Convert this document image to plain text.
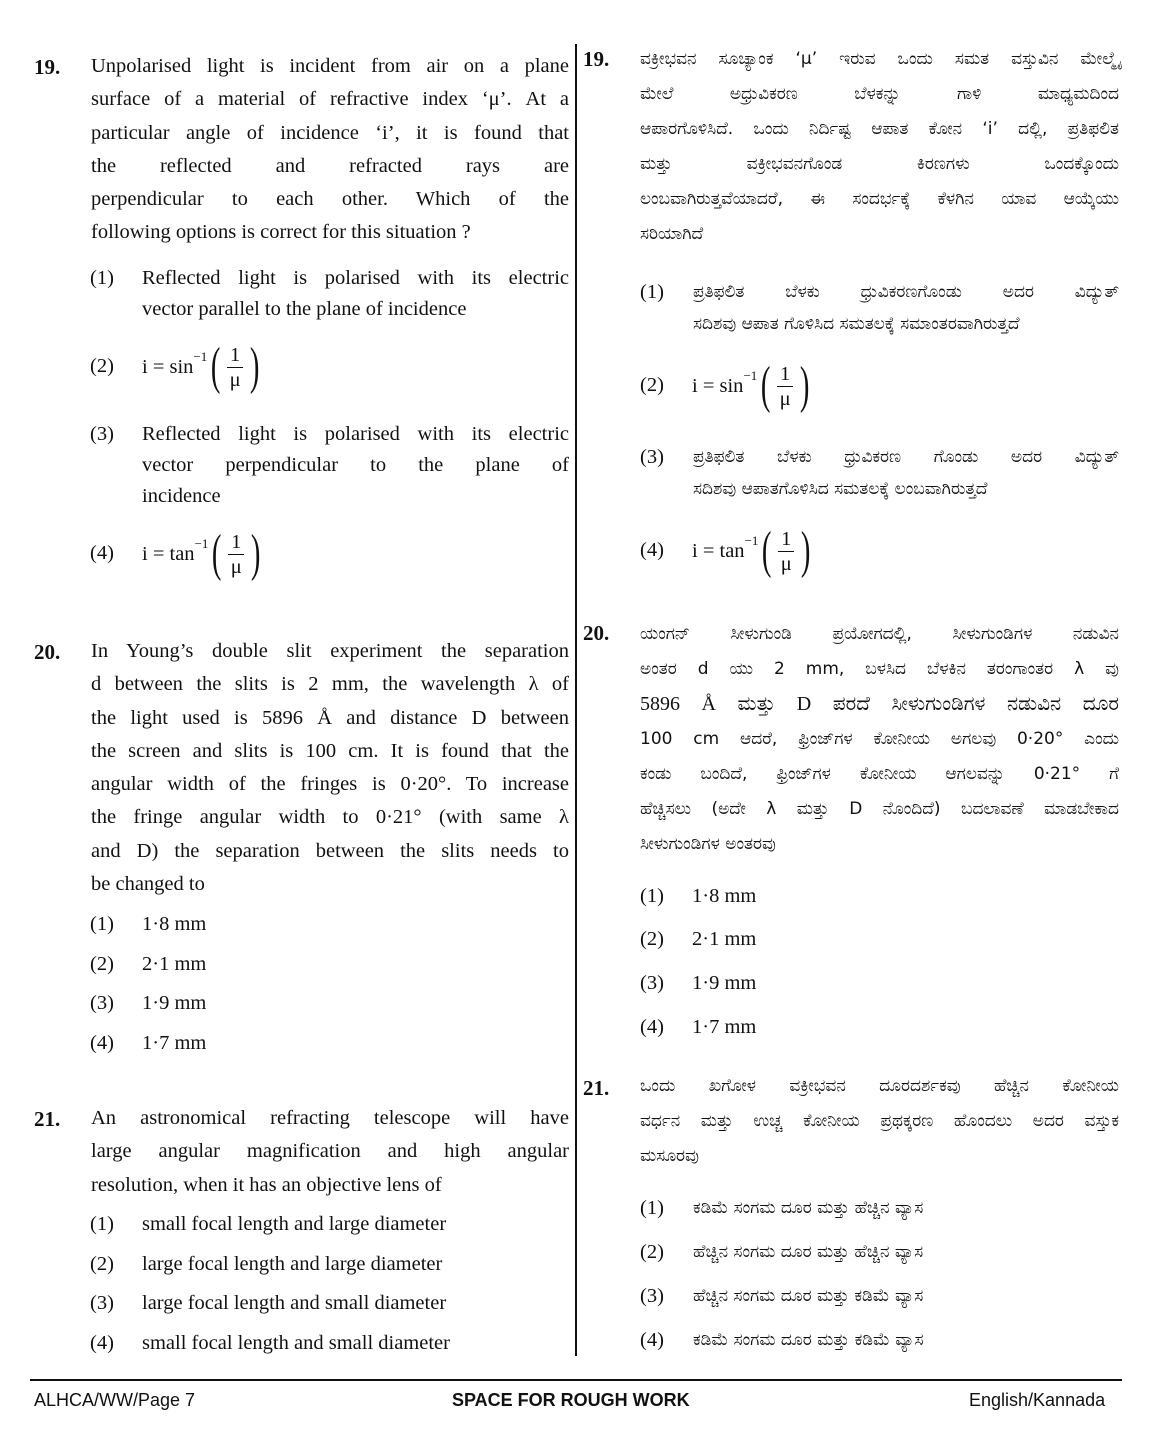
19. Unpolarised light is incident from air on a plane
surface of a material of refractive index ‘μ’. At a
particular angle of incidence ‘i’, it is found that
the reflected and refracted rays are
perpendicular to each other. Which of the
following options is correct for this situation ?
(1) Reflected light is polarised with its electric
vector parallel to the plane of incidence
(2) $i = \sin^{-1}$ ( $\frac{1}{\mu}$ )
(3) Reflected light is polarised with its electric
vector perpendicular to the plane of
incidence
(4) $i = \tan^{-1}$ ( $\frac{1}{\mu}$ )
20. In Young’s double slit experiment the separation
d between the slits is 2 mm, the wavelength λ of
the light used is 5896 Å and distance D between
the screen and slits is 100 cm. It is found that the
angular width of the fringes is 0·20°. To increase
the fringe angular width to 0·21° (with same λ
and D) the separation between the slits needs to
be changed to
(1) 1·8 mm
(2) 2·1 mm
(3) 1·9 mm
(4) 1·7 mm
21. An astronomical refracting telescope will have
large angular magnification and high angular
resolution, when it has an objective lens of
(1) small focal length and large diameter
(2) large focal length and large diameter
(3) large focal length and small diameter
(4) small focal length and small diameter
19. ವಕ್ರೀಭವನ ಸೂಚ್ಯಾಂಕ ‘μ’ ಇರುವ ಒಂದು ಸಮತ ವಸ್ತುವಿನ ಮೇಲ್ಮೈ
ಮೇಲೆ ಅಧ್ರುವಿಕರಣ ಬೆಳಕನ್ನು ಗಾಳಿ ಮಾಧ್ಯಮದಿಂದ
ಆಪಾರಗೊಳಿಸಿದೆ. ಒಂದು ನಿರ್ದಿಷ್ಟ ಆಪಾತ ಕೋನ ‘i’ ದಲ್ಲಿ, ಪ್ರತಿಫಲಿತ
ಮತ್ತು ವಕ್ರೀಭವನಗೊಂಡ ಕಿರಣಗಳು ಒಂದಕ್ಕೊಂದು
ಲಂಬವಾಗಿರುತ್ತವೆಯಾದರೆ, ಈ ಸಂದರ್ಭಕ್ಕೆ ಕೆಳಗಿನ ಯಾವ ಆಯ್ಕೆಯು
ಸರಿಯಾಗಿದೆ
(1) ಪ್ರತಿಫಲಿತ ಬೆಳಕು ಧ್ರುವಿಕರಣಗೊಂಡು ಅದರ ವಿದ್ಯುತ್
ಸದಿಶವು ಆಪಾತ ಗೊಳಿಸಿದ ಸಮತಲಕ್ಕೆ ಸಮಾಂತರವಾಗಿರುತ್ತದೆ
(2) $i = \sin^{-1}$ ( $\frac{1}{\mu}$ )
(3) ಪ್ರತಿಫಲಿತ ಬೆಳಕು ಧ್ರುವಿಕರಣ ಗೊಂಡು ಅದರ ವಿದ್ಯುತ್
ಸದಿಶವು ಆಪಾತಗೊಳಿಸಿದ ಸಮತಲಕ್ಕೆ ಲಂಬವಾಗಿರುತ್ತದೆ
(4) $i = \tan^{-1}$ ( $\frac{1}{\mu}$ )
20. ಯಂಗನ್ ಸೀಳುಗುಂಡಿ ಪ್ರಯೋಗದಲ್ಲಿ, ಸೀಳುಗುಂಡಿಗಳ ನಡುವಿನ
ಅಂತರ d ಯು 2 mm, ಬಳಸಿದ ಬೆಳಕಿನ ತರಂಗಾಂತರ λ ವು
5896 Å ಮತ್ತು D ಪರದೆ ಸೀಳುಗುಂಡಿಗಳ ನಡುವಿನ ದೂರ
100 cm ಆದರೆ, ಫ್ರಿಂಜ್‌ಗಳ ಕೋನೀಯ ಅಗಲವು 0·20° ಎಂದು
ಕಂಡು ಬಂದಿದೆ, ಫ್ರಿಂಜ್‌ಗಳ ಕೋನೀಯ ಆಗಲವನ್ನು 0·21° ಗೆ
ಹೆಚ್ಚಿಸಲು (ಅದೇ λ ಮತ್ತು D ನೊಂದಿದೆ) ಬದಲಾವಣೆ ಮಾಡಬೇಕಾದ
ಸೀಳುಗುಂಡಿಗಳ ಅಂತರವು
(1) 1·8 mm
(2) 2·1 mm
(3) 1·9 mm
(4) 1·7 mm
21. ಒಂದು ಖಗೋಳ ವಕ್ರೀಭವನ ದೂರದರ್ಶಕವು ಹೆಚ್ಚಿನ ಕೋನೀಯ
ವರ್ಧನ ಮತ್ತು ಉಚ್ಚ ಕೋನೀಯ ಪ್ರಥಕ್ಕರಣ ಹೊಂದಲು ಅದರ ವಸ್ತುಕ
ಮಸೂರವು
(1) ಕಡಿಮೆ ಸಂಗಮ ದೂರ ಮತ್ತು ಹೆಚ್ಚಿನ ವ್ಯಾಸ
(2) ಹೆಚ್ಚಿನ ಸಂಗಮ ದೂರ ಮತ್ತು ಹೆಚ್ಚಿನ ವ್ಯಾಸ
(3) ಹೆಚ್ಚಿನ ಸಂಗಮ ದೂರ ಮತ್ತು ಕಡಿಮೆ ವ್ಯಾಸ
(4) ಕಡಿಮೆ ಸಂಗಮ ದೂರ ಮತ್ತು ಕಡಿಮೆ ವ್ಯಾಸ
ALHCA/WW/Page 7	SPACE FOR ROUGH WORK	English/Kannada
